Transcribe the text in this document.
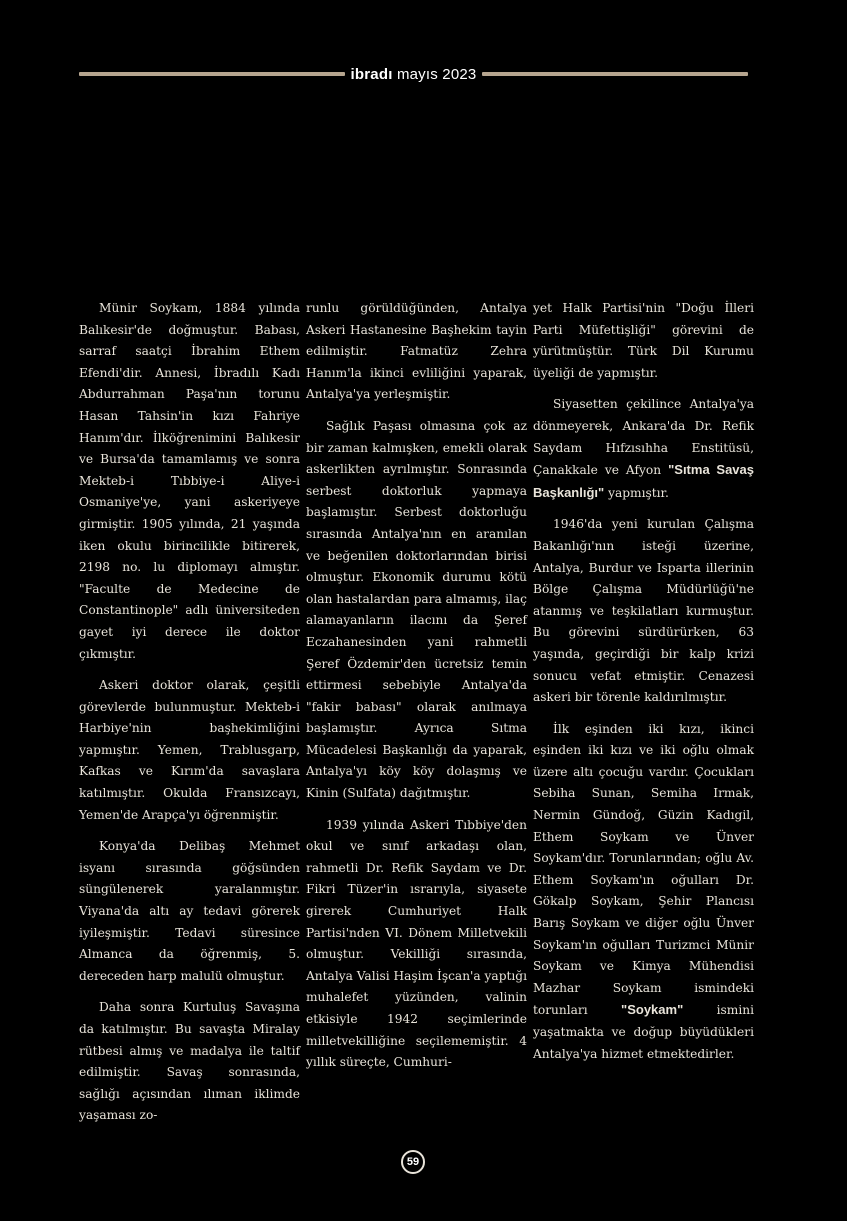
ibradı mayıs 2023

Münir Soykam, 1884 yılında Balıkesir'de doğmuştur. Babası, sarraf saatçi İbrahim Ethem Efendi'dir. Annesi, İbradılı Kadı Abdurrahman Paşa'nın torunu Hasan Tahsin'in kızı Fahriye Hanım'dır. İlköğrenimini Balıkesir ve Bursa'da tamamlamış ve sonra Mekteb-i Tıbbiye-i Aliye-i Osmaniye'ye, yani askeriyeye girmiştir. 1905 yılında, 21 yaşında iken okulu birincilikle bitirerek, 2198 no. lu diplomayı almıştır. "Faculte de Medecine de Constantinople" adlı üniversiteden gayet iyi derece ile doktor çıkmıştır.

Askeri doktor olarak, çeşitli görevlerde bulunmuştur. Mekteb-i Harbiye'nin başhekimliğini yapmıştır. Yemen, Trablusgarp, Kafkas ve Kırım'da savaşlara katılmıştır. Okulda Fransızcayı, Yemen'de Arapça'yı öğrenmiştir.

Konya'da Delibaş Mehmet isyanı sırasında göğsünden süngülenerek yaralanmıştır. Viyana'da altı ay tedavi görerek iyileşmiştir. Tedavi süresince Almanca da öğrenmiş, 5. dereceden harp malulü olmuştur.

Daha sonra Kurtuluş Savaşına da katılmıştır. Bu savaşta Miralay rütbesi almış ve madalya ile taltif edilmiştir. Savaş sonrasında, sağlığı açısından ılıman iklimde yaşaması zo-

runlu görüldüğünden, Antalya Askeri Hastanesine Başhekim tayin edilmiştir. Fatmatüz Zehra Hanım'la ikinci evliliğini yaparak, Antalya'ya yerleşmiştir.

Sağlık Paşası olmasına çok az bir zaman kalmışken, emekli olarak askerlikten ayrılmıştır. Sonrasında serbest doktorluk yapmaya başlamıştır. Serbest doktorluğu sırasında Antalya'nın en aranılan ve beğenilen doktorlarından birisi olmuştur. Ekonomik durumu kötü olan hastalardan para almamış, ilaç alamayanların ilacını da Şeref Eczahanesinden yani rahmetli Şeref Özdemir'den ücretsiz temin ettirmesi sebebiyle Antalya'da "fakir babası" olarak anılmaya başlamıştır. Ayrıca Sıtma Mücadelesi Başkanlığı da yaparak, Antalya'yı köy köy dolaşmış ve Kinin (Sulfata) dağıtmıştır.

1939 yılında Askeri Tıbbiye'den okul ve sınıf arkadaşı olan, rahmetli Dr. Refik Saydam ve Dr. Fikri Tüzer'in ısrarıyla, siyasete girerek Cumhuriyet Halk Partisi'nden VI. Dönem Milletvekili olmuştur. Vekilliği sırasında, Antalya Valisi Haşim İşcan'a yaptığı muhalefet yüzünden, valinin etkisiyle 1942 seçimlerinde milletvekilliğine seçilememiştir. 4 yıllık süreçte, Cumhuri-

yet Halk Partisi'nin "Doğu İlleri Parti Müfettişliği" görevini de yürütmüştür. Türk Dil Kurumu üyeliği de yapmıştır.

Siyasetten çekilince Antalya'ya dönmeyerek, Ankara'da Dr. Refik Saydam Hıfzısıhha Enstitüsü, Çanakkale ve Afyon "Sıtma Savaş Başkanlığı" yapmıştır.

1946'da yeni kurulan Çalışma Bakanlığı'nın isteği üzerine, Antalya, Burdur ve Isparta illerinin Bölge Çalışma Müdürlüğü'ne atanmış ve teşkilatları kurmuştur. Bu görevini sürdürürken, 63 yaşında, geçirdiği bir kalp krizi sonucu vefat etmiştir. Cenazesi askeri bir törenle kaldırılmıştır.

İlk eşinden iki kızı, ikinci eşinden iki kızı ve iki oğlu olmak üzere altı çocuğu vardır. Çocukları Sebiha Sunan, Semiha Irmak, Nermin Gündoğ, Güzin Kadıgil, Ethem Soykam ve Ünver Soykam'dır. Torunlarından; oğlu Av. Ethem Soykam'ın oğulları Dr. Gökalp Soykam, Şehir Plancısı Barış Soykam ve diğer oğlu Ünver Soykam'ın oğulları Turizmci Münir Soykam ve Kimya Mühendisi Mazhar Soykam ismindeki torunları "Soykam" ismini yaşatmakta ve doğup büyüdükleri Antalya'ya hizmet etmektedirler.

59
